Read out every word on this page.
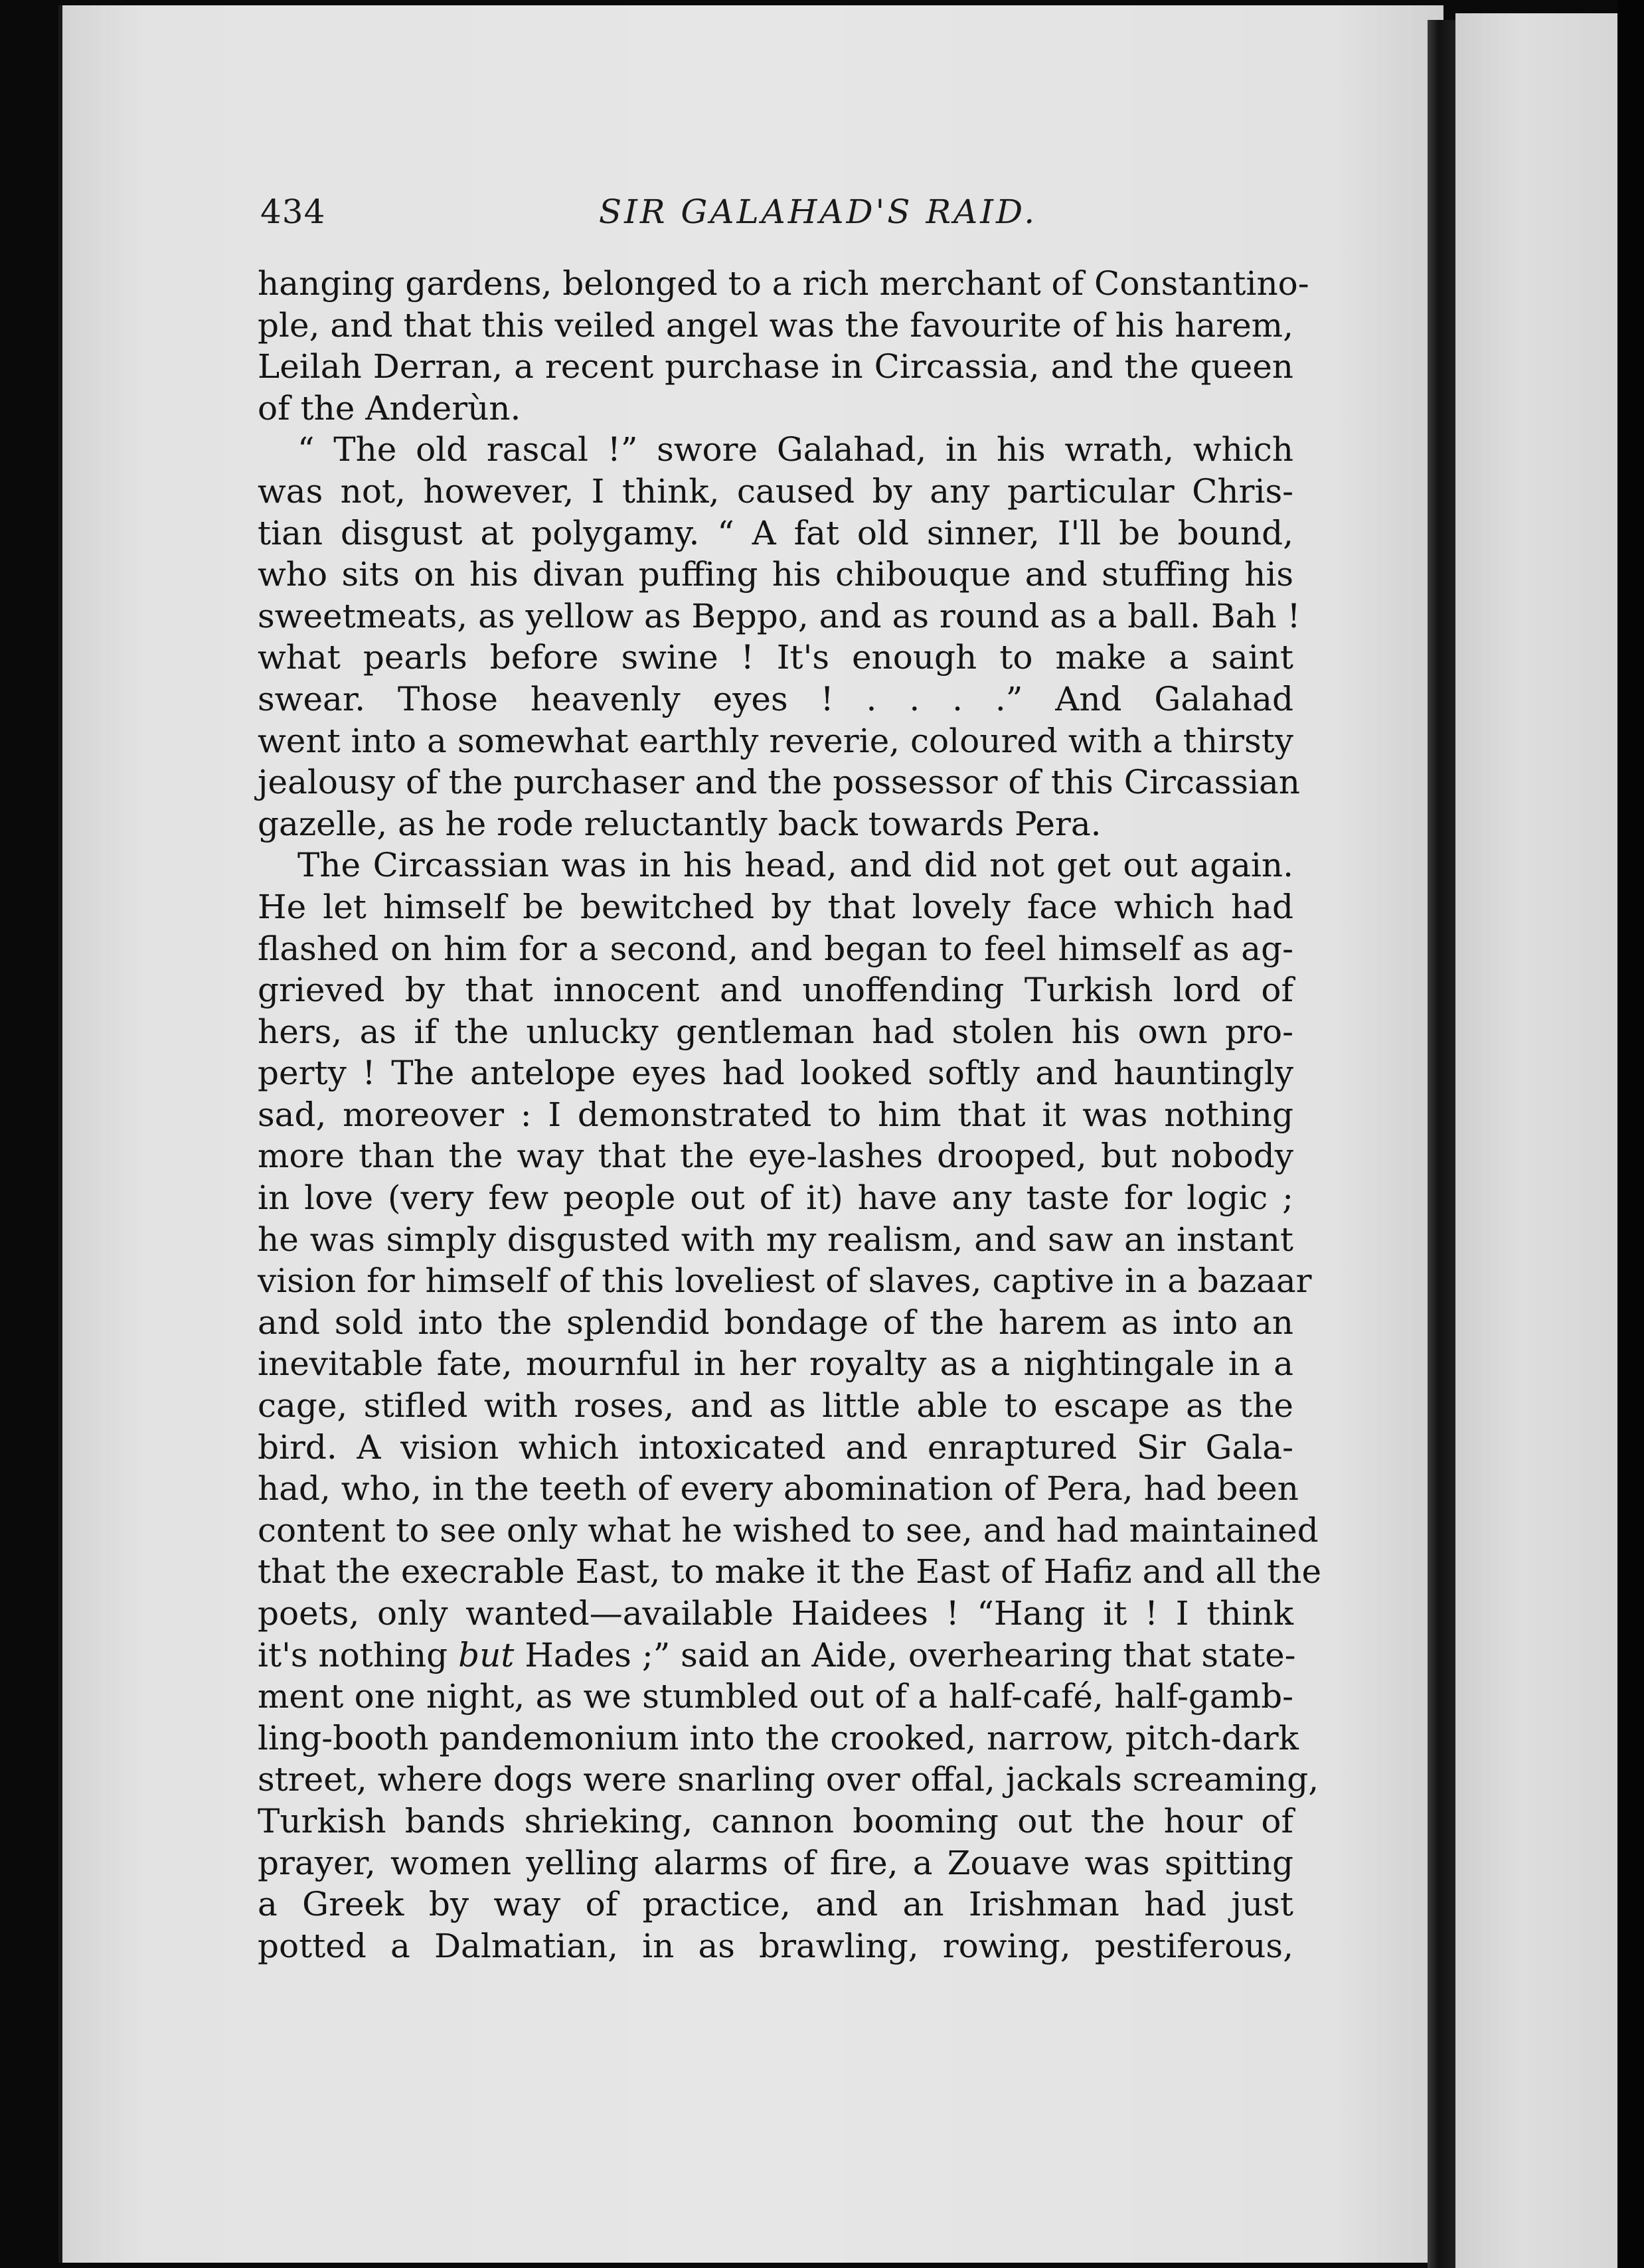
434	SIR GALAHAD'S RAID.
hanging gardens, belonged to a rich merchant of Constantino-
ple, and that this veiled angel was the favourite of his harem,
Leilah Derran, a recent purchase in Circassia, and the queen
of the Anderùn.
“ The old rascal !” swore Galahad, in his wrath, which
was not, however, I think, caused by any particular Chris-
tian disgust at polygamy. “ A fat old sinner, I'll be bound,
who sits on his divan puffing his chibouque and stuffing his
sweetmeats, as yellow as Beppo, and as round as a ball. Bah !
what pearls before swine ! It's enough to make a saint
swear. Those heavenly eyes ! . . . .” And Galahad
went into a somewhat earthly reverie, coloured with a thirsty
jealousy of the purchaser and the possessor of this Circassian
gazelle, as he rode reluctantly back towards Pera.
The Circassian was in his head, and did not get out again.
He let himself be bewitched by that lovely face which had
flashed on him for a second, and began to feel himself as ag-
grieved by that innocent and unoffending Turkish lord of
hers, as if the unlucky gentleman had stolen his own pro-
perty ! The antelope eyes had looked softly and hauntingly
sad, moreover : I demonstrated to him that it was nothing
more than the way that the eye-lashes drooped, but nobody
in love (very few people out of it) have any taste for logic ;
he was simply disgusted with my realism, and saw an instant
vision for himself of this loveliest of slaves, captive in a bazaar
and sold into the splendid bondage of the harem as into an
inevitable fate, mournful in her royalty as a nightingale in a
cage, stifled with roses, and as little able to escape as the
bird. A vision which intoxicated and enraptured Sir Gala-
had, who, in the teeth of every abomination of Pera, had been
content to see only what he wished to see, and had maintained
that the execrable East, to make it the East of Hafiz and all the
poets, only wanted—available Haidees ! “Hang it ! I think
it's nothing but Hades ;” said an Aide, overhearing that state-
ment one night, as we stumbled out of a half-café, half-gamb-
ling-booth pandemonium into the crooked, narrow, pitch-dark
street, where dogs were snarling over offal, jackals screaming,
Turkish bands shrieking, cannon booming out the hour of
prayer, women yelling alarms of fire, a Zouave was spitting
a Greek by way of practice, and an Irishman had just
potted a Dalmatian, in as brawling, rowing, pestiferous,
